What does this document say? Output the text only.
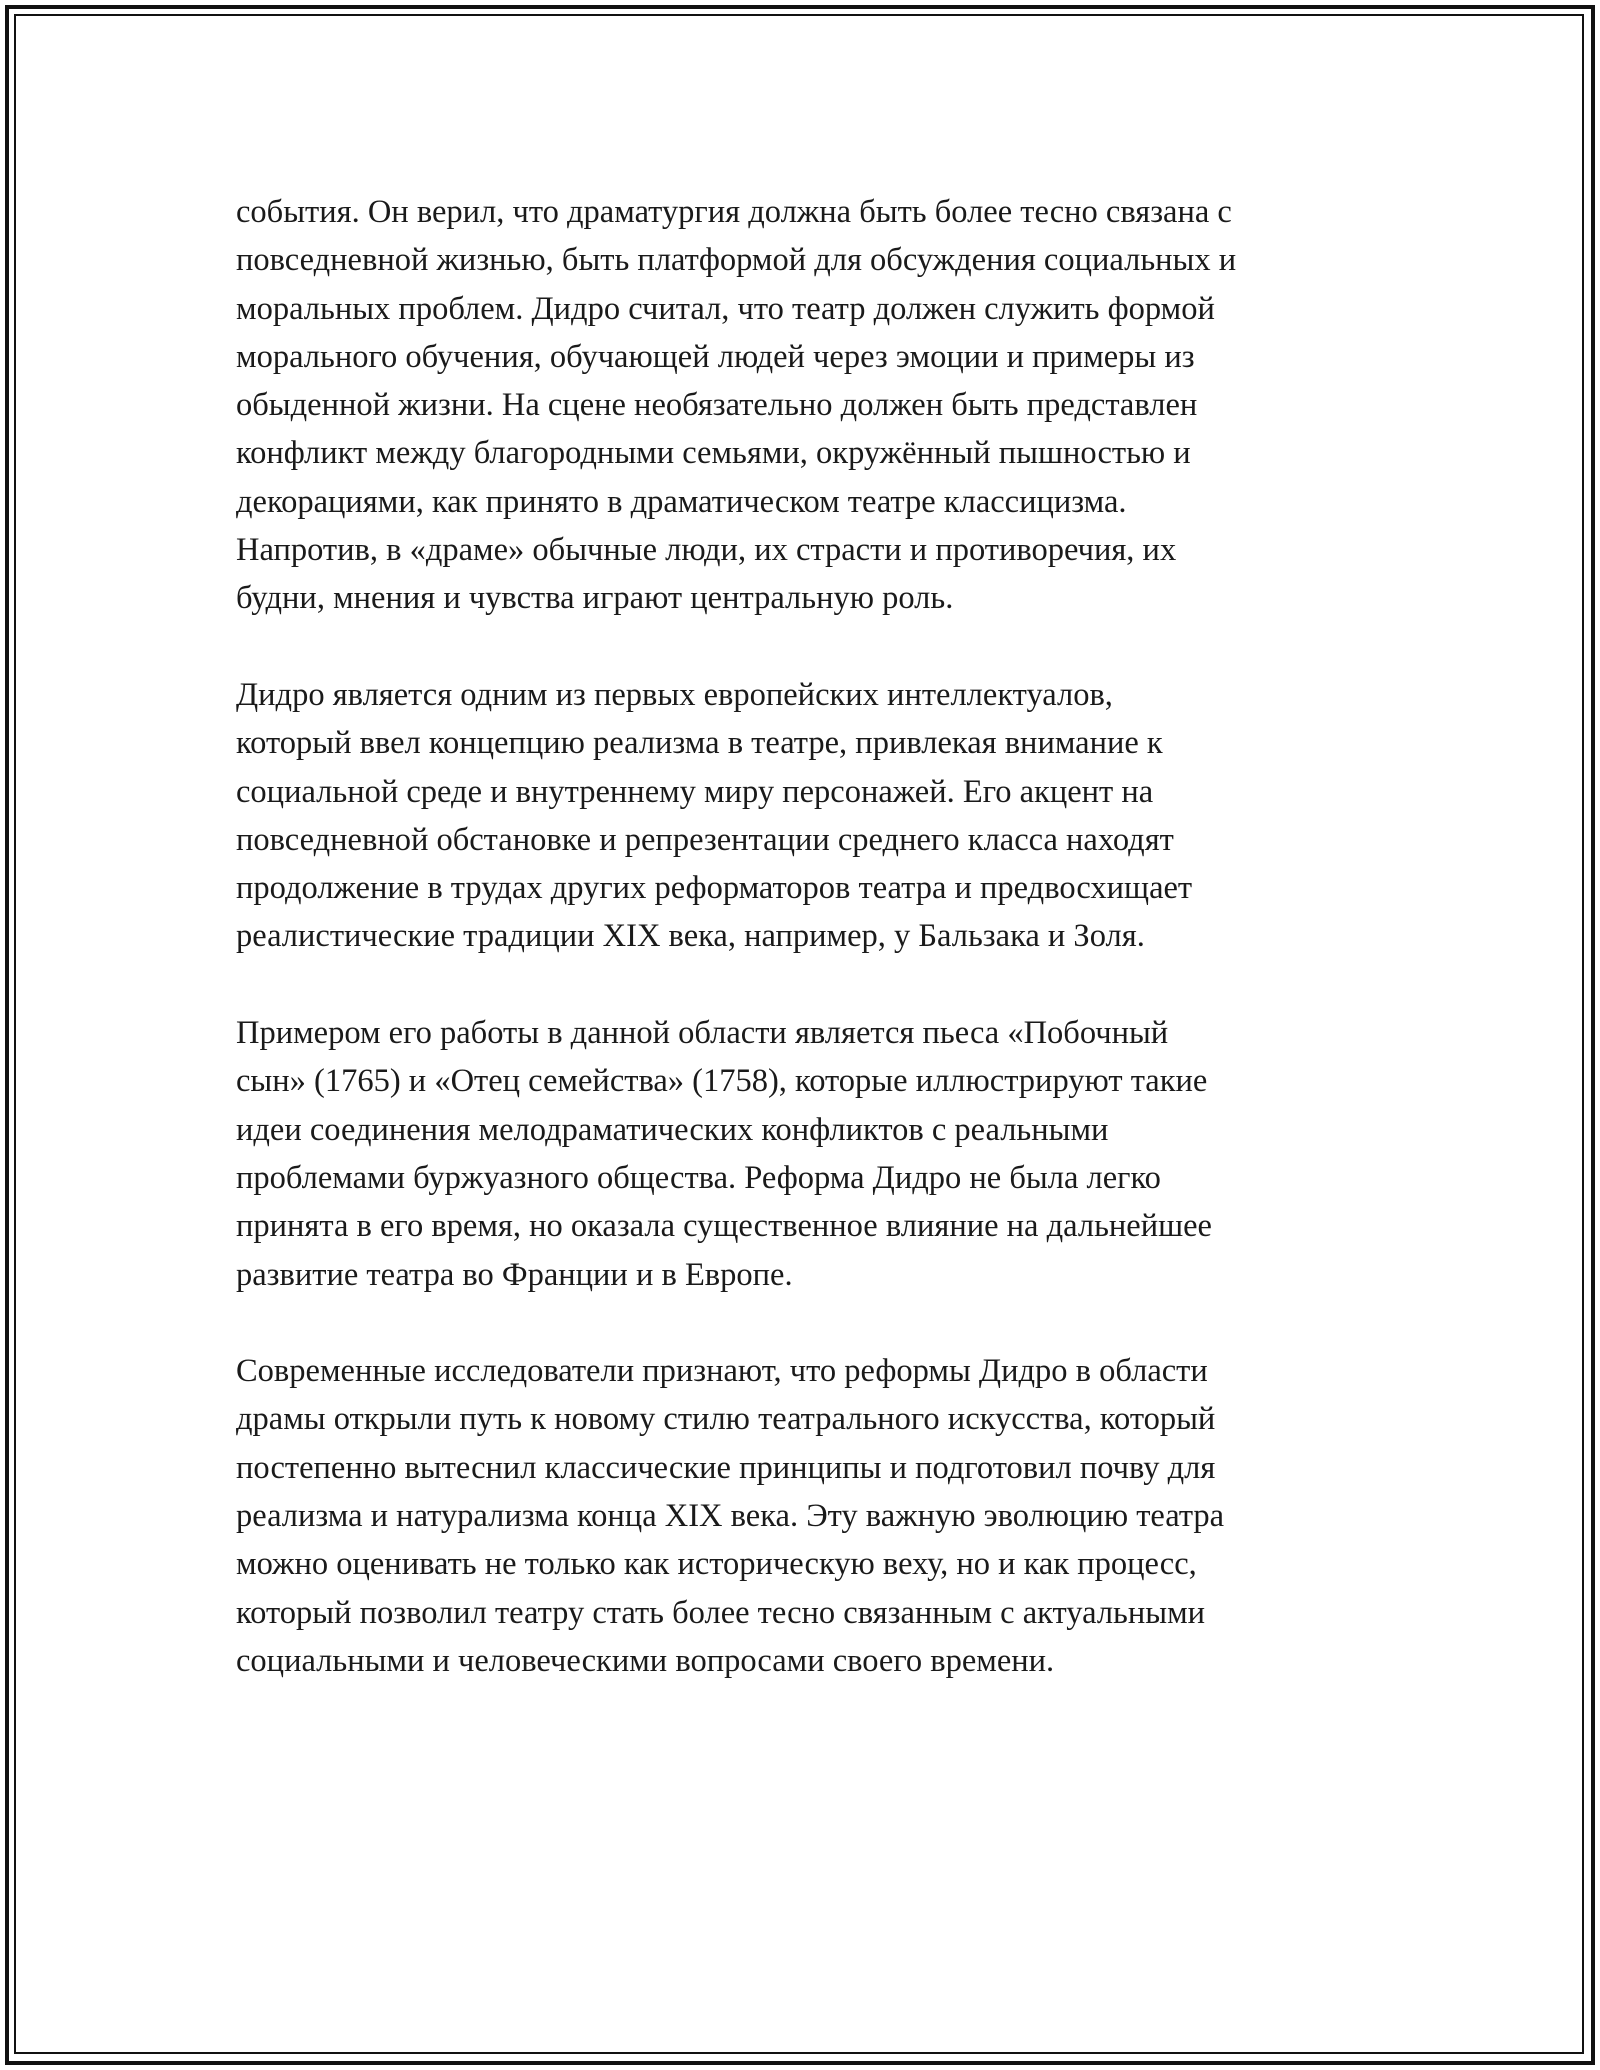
события. Он верил, что драматургия должна быть более тесно связана с
повседневной жизнью, быть платформой для обсуждения социальных и
моральных проблем. Дидро считал, что театр должен служить формой
морального обучения, обучающей людей через эмоции и примеры из
обыденной жизни. На сцене необязательно должен быть представлен
конфликт между благородными семьями, окружённый пышностью и
декорациями, как принято в драматическом театре классицизма.
Напротив, в «драме» обычные люди, их страсти и противоречия, их
будни, мнения и чувства играют центральную роль.

Дидро является одним из первых европейских интеллектуалов,
который ввел концепцию реализма в театре, привлекая внимание к
социальной среде и внутреннему миру персонажей. Его акцент на
повседневной обстановке и репрезентации среднего класса находят
продолжение в трудах других реформаторов театра и предвосхищает
реалистические традиции XIX века, например, у Бальзака и Золя.

Примером его работы в данной области является пьеса «Побочный
сын» (1765) и «Отец семейства» (1758), которые иллюстрируют такие
идеи соединения мелодраматических конфликтов с реальными
проблемами буржуазного общества. Реформа Дидро не была легко
принята в его время, но оказала существенное влияние на дальнейшее
развитие театра во Франции и в Европе.

Современные исследователи признают, что реформы Дидро в области
драмы открыли путь к новому стилю театрального искусства, который
постепенно вытеснил классические принципы и подготовил почву для
реализма и натурализма конца XIX века. Эту важную эволюцию театра
можно оценивать не только как историческую веху, но и как процесс,
который позволил театру стать более тесно связанным с актуальными
социальными и человеческими вопросами своего времени.
